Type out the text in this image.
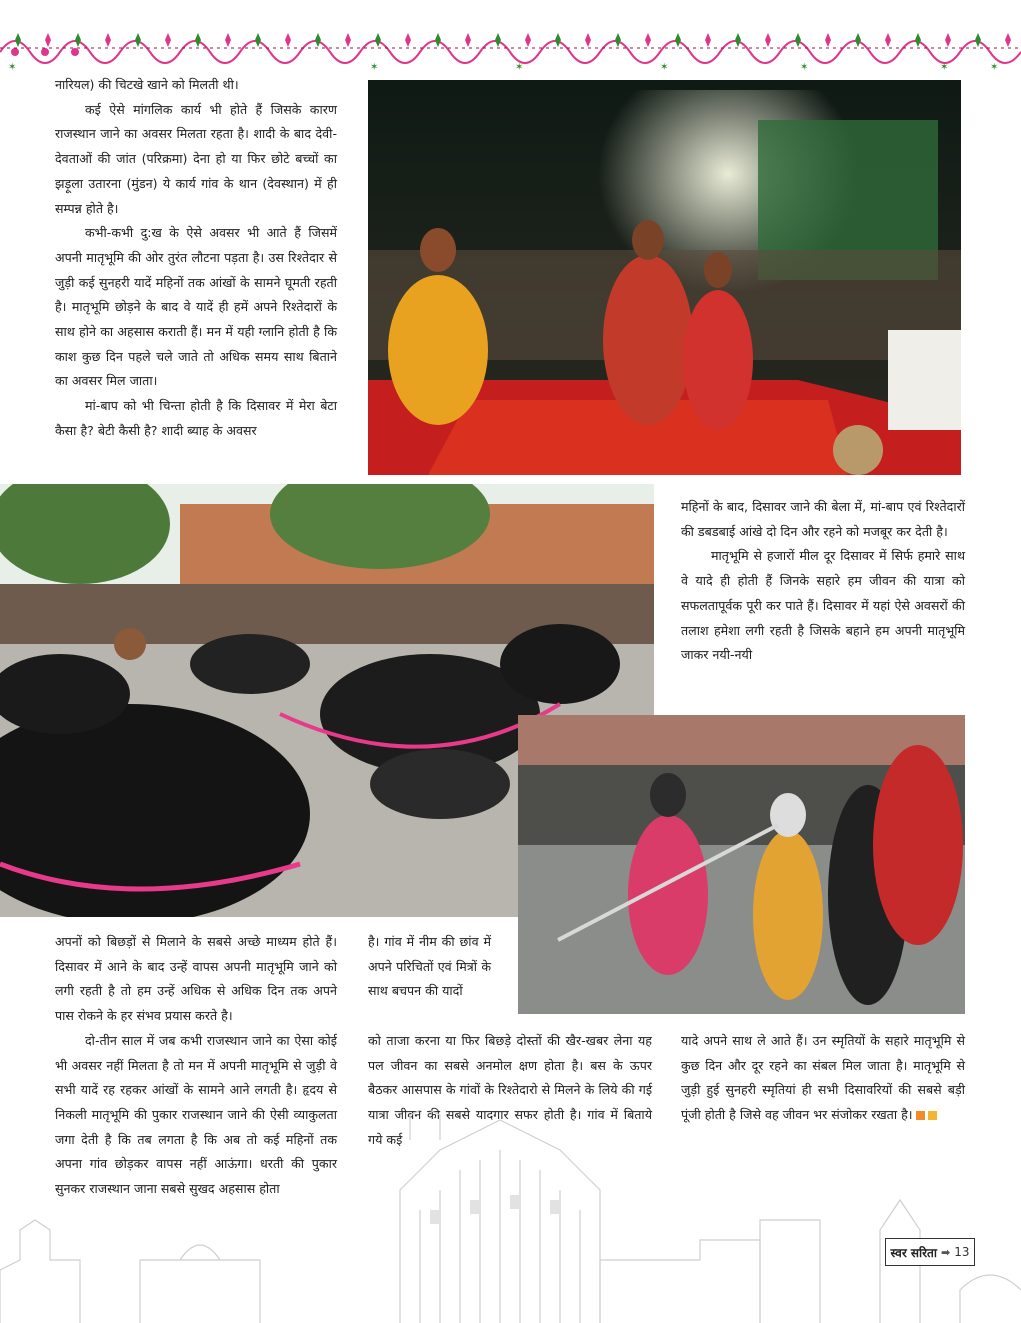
✶	✶	✶	✶	✶	✶	✶

नारियल) की चिटखे खाने को मिलती थी।

कई ऐसे मांगलिक कार्य भी होते हैं जिसके कारण राजस्थान जाने का अवसर मिलता रहता है। शादी के बाद देवी-देवताओं की जांत (परिक्रमा) देना हो या फिर छोटे बच्चों का झड़ूला उतारना (मुंडन) ये कार्य गांव के थान (देवस्थान) में ही सम्पन्न होते है।

कभी-कभी दु:ख के ऐसे अवसर भी आते हैं जिसमें अपनी मातृभूमि की ओर तुरंत लौटना पड़ता है। उस रिश्तेदार से जुड़ी कई सुनहरी यादें महिनों तक आंखों के सामने घूमती रहती है। मातृभूमि छोड़ने के बाद वे यादें ही हमें अपने रिश्तेदारों के साथ होने का अहसास कराती हैं। मन में यही ग्लानि होती है कि काश कुछ दिन पहले चले जाते तो अधिक समय साथ बिताने का अवसर मिल जाता।

मां-बाप को भी चिन्ता होती है कि दिसावर में मेरा बेटा कैसा है? बेटी कैसी है? शादी ब्याह के अवसर

महिनों के बाद, दिसावर जाने की बेला में, मां-बाप एवं रिश्तेदारों की डबडबाई आंखे दो दिन और रहने को मजबूर कर देती है।

मातृभूमि से हजारों मील दूर दिसावर में सिर्फ हमारे साथ वे यादे ही होती हैं जिनके सहारे हम जीवन की यात्रा को सफलतापूर्वक पूरी कर पाते हैं। दिसावर में यहां ऐसे अवसरों की तलाश हमेशा लगी रहती है जिसके बहाने हम अपनी मातृभूमि जाकर नयी-नयी

अपनों को बिछड़ों से मिलाने के सबसे अच्छे माध्यम होते हैं। दिसावर में आने के बाद उन्हें वापस अपनी मातृभूमि जाने को लगी रहती है तो हम उन्हें अधिक से अधिक दिन तक अपने पास रोकने के हर संभव प्रयास करते है।

दो-तीन साल में जब कभी राजस्थान जाने का ऐसा कोई भी अवसर नहीं मिलता है तो मन में अपनी मातृभूमि से जुड़ी वे सभी यादें रह रहकर आंखों के सामने आने लगती है। हृदय से निकली मातृभूमि की पुकार राजस्थान जाने की ऐसी व्याकुलता जगा देती है कि तब लगता है कि अब तो कई महिनों तक अपना गांव छोड़कर वापस नहीं आऊंगा। धरती की पुकार सुनकर राजस्थान जाना सबसे सुखद अहसास होता

है। गांव में नीम की छांव में अपने परिचितों एवं मित्रों के साथ बचपन की यादों

को ताजा करना या फिर बिछड़े दोस्तों की खैर-खबर लेना यह पल जीवन का सबसे अनमोल क्षण होता है। बस के ऊपर बैठकर आसपास के गांवों के रिश्तेदारो से मिलने के लिये की गई यात्रा जीवन की सबसे यादगार सफर होती है। गांव में बिताये गये कई

यादे अपने साथ ले आते हैं। उन स्मृतियों के सहारे मातृभूमि से कुछ दिन और दूर रहने का संबल मिल जाता है। मातृभूमि से जुड़ी हुई सुनहरी स्मृतियां ही सभी दिसावरियों की सबसे बड़ी पूंजी होती है जिसे वह जीवन भर संजोकर रखता है।

स्वर सरिता ➡ 13
